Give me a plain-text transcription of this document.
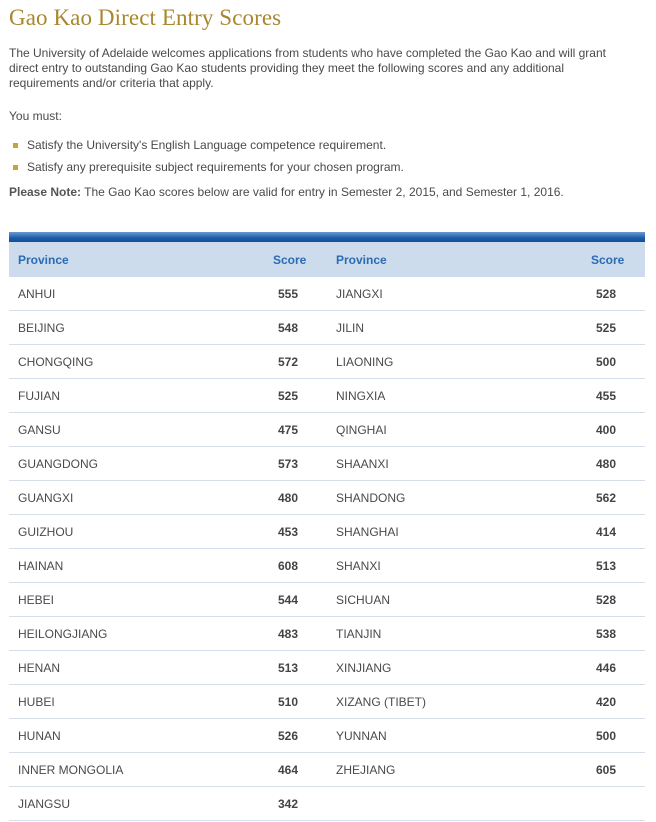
Gao Kao Direct Entry Scores

The University of Adelaide welcomes applications from students who have completed the Gao Kao and will grant direct entry to outstanding Gao Kao students providing they meet the following scores and any additional requirements and/or criteria that apply.

You must:

Satisfy the University's English Language competence requirement.
Satisfy any prerequisite subject requirements for your chosen program.

Please Note: The Gao Kao scores below are valid for entry in Semester 2, 2015, and Semester 1, 2016.

Province	Score	Province	Score
ANHUI	555	JIANGXI	528
BEIJING	548	JILIN	525
CHONGQING	572	LIAONING	500
FUJIAN	525	NINGXIA	455
GANSU	475	QINGHAI	400
GUANGDONG	573	SHAANXI	480
GUANGXI	480	SHANDONG	562
GUIZHOU	453	SHANGHAI	414
HAINAN	608	SHANXI	513
HEBEI	544	SICHUAN	528
HEILONGJIANG	483	TIANJIN	538
HENAN	513	XINJIANG	446
HUBEI	510	XIZANG (TIBET)	420
HUNAN	526	YUNNAN	500
INNER MONGOLIA	464	ZHEJIANG	605
JIANGSU	342		
